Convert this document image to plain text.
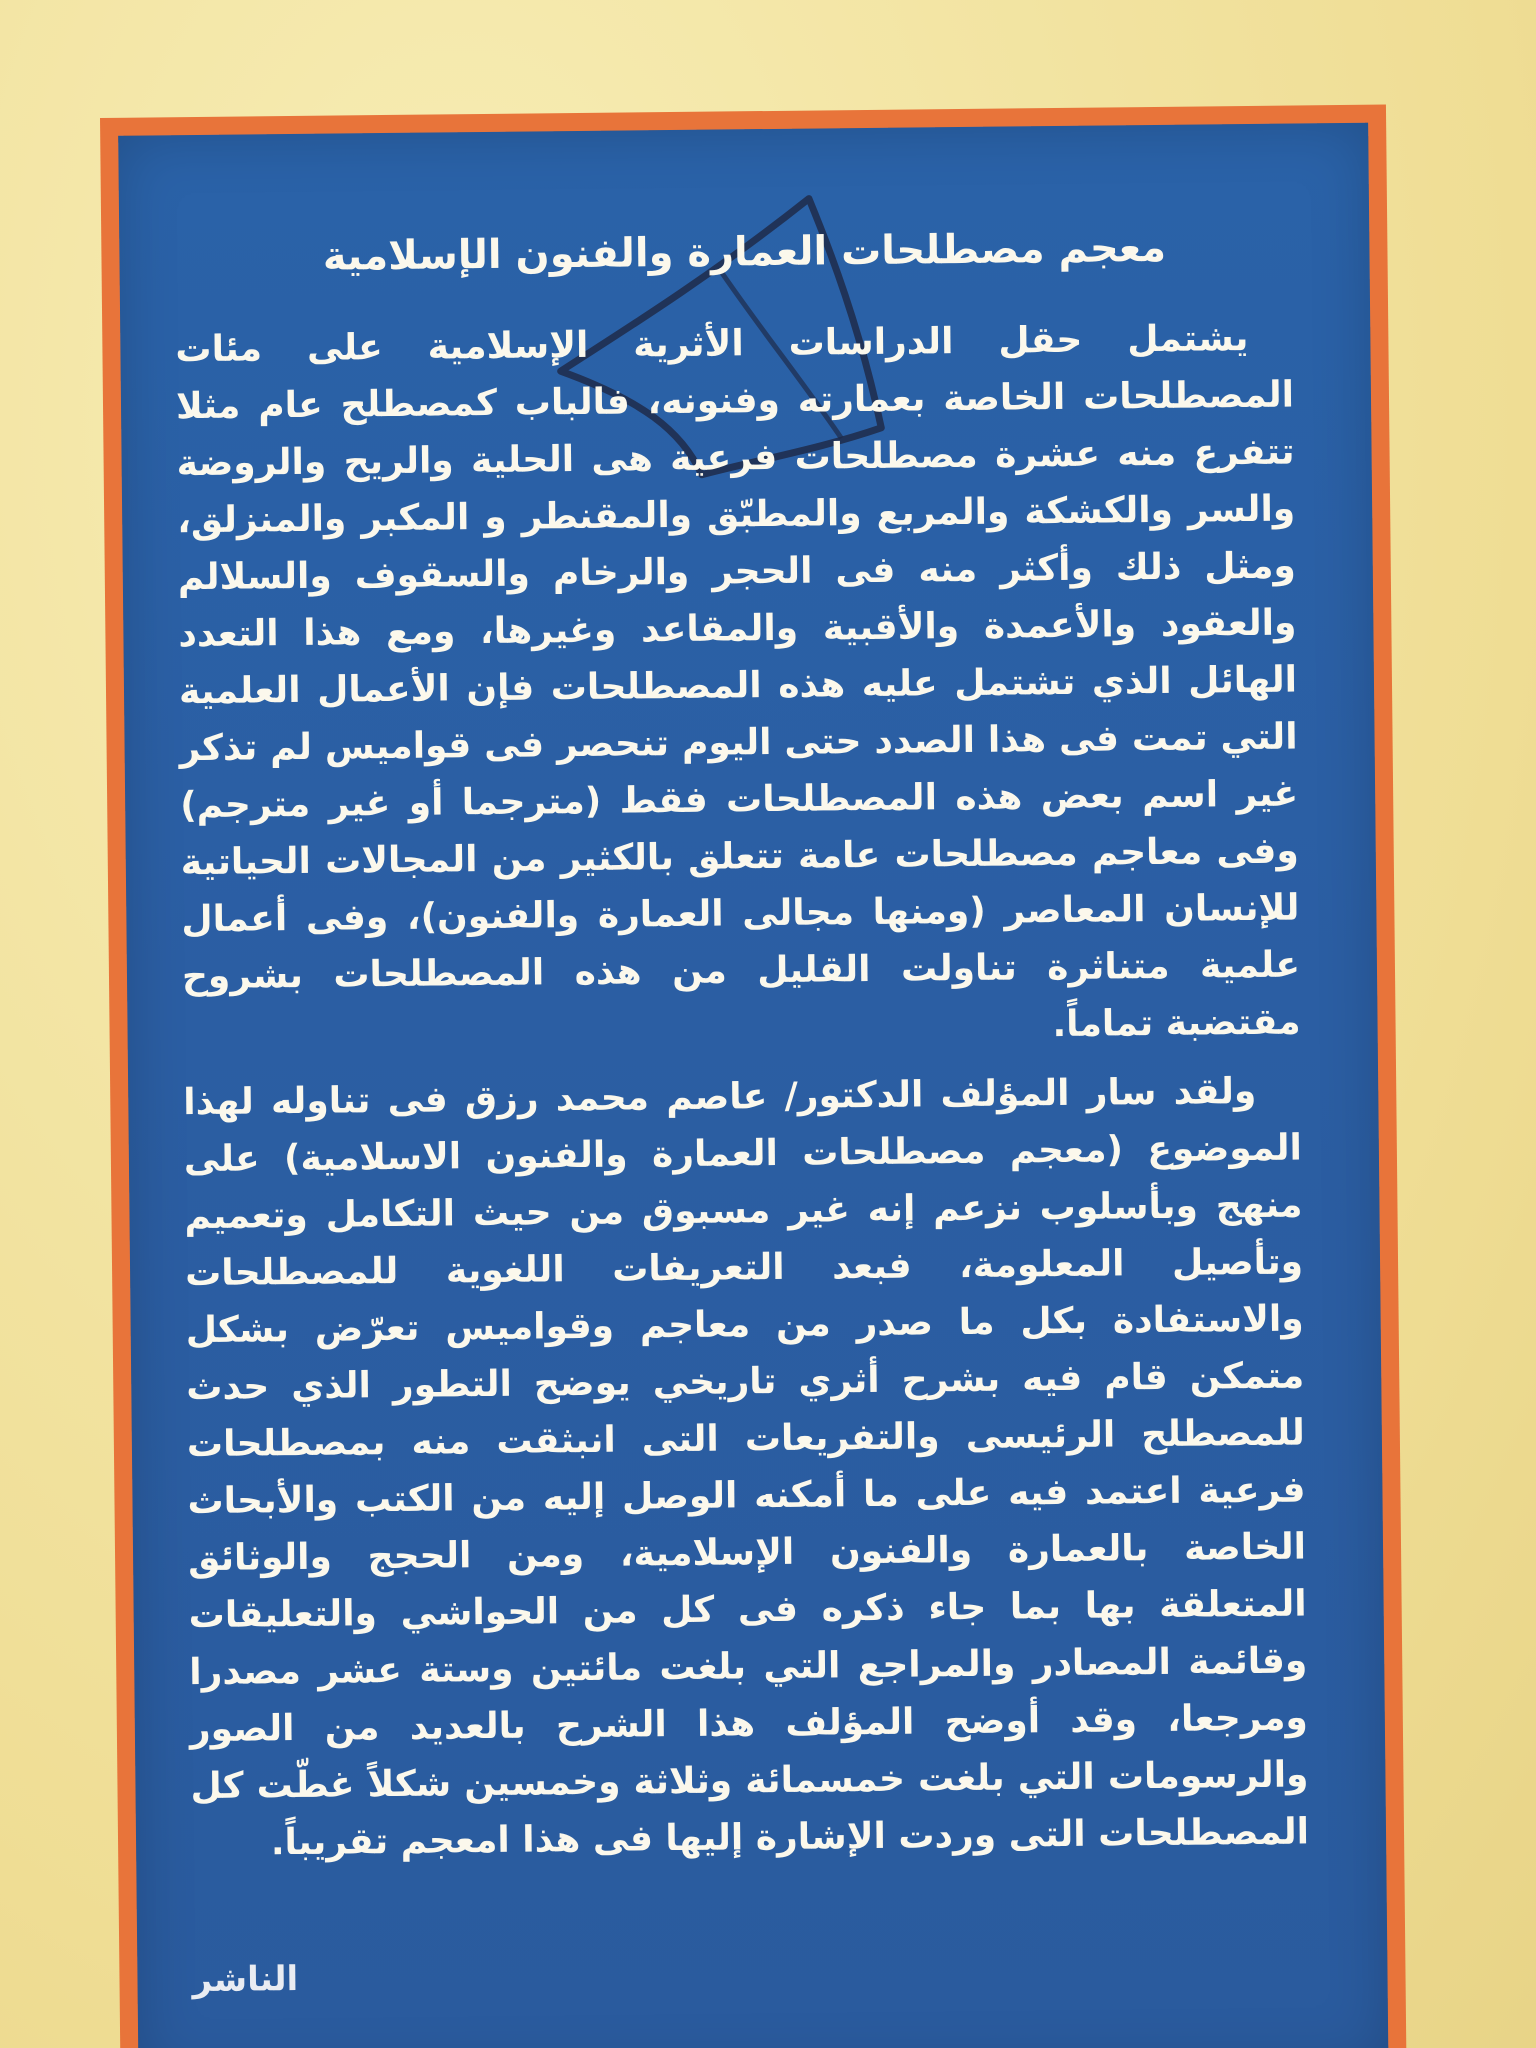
معجم مصطلحات العمارة والفنون الإسلامية

يشتمل حقل الدراسات الأثرية الإسلامية على مئات المصطلحات الخاصة بعمارته وفنونه، فالباب كمصطلح عام مثلا تتفرع منه عشرة مصطلحات فرعية هى الحلية والريح والروضة والسر والكشكة والمربع والمطبّق والمقنطر و المكبر والمنزلق، ومثل ذلك وأكثر منه فى الحجر والرخام والسقوف والسلالم والعقود والأعمدة والأقبية والمقاعد وغيرها، ومع هذا التعدد الهائل الذي تشتمل عليه هذه المصطلحات فإن الأعمال العلمية التي تمت فى هذا الصدد حتى اليوم تنحصر فى قواميس لم تذكر غير اسم بعض هذه المصطلحات فقط (مترجما أو غير مترجم) وفى معاجم مصطلحات عامة تتعلق بالكثير من المجالات الحياتية للإنسان المعاصر (ومنها مجالى العمارة والفنون)، وفى أعمال علمية متناثرة تناولت القليل من هذه المصطلحات بشروح مقتضبة تماماً.

ولقد سار المؤلف الدكتور/ عاصم محمد رزق فى تناوله لهذا الموضوع (معجم مصطلحات العمارة والفنون الاسلامية) على منهج وبأسلوب نزعم إنه غير مسبوق من حيث التكامل وتعميم وتأصيل المعلومة، فبعد التعريفات اللغوية للمصطلحات والاستفادة بكل ما صدر من معاجم وقواميس تعرّض بشكل متمكن قام فيه بشرح أثري تاريخي يوضح التطور الذي حدث للمصطلح الرئيسى والتفريعات التى انبثقت منه بمصطلحات فرعية اعتمد فيه على ما أمكنه الوصل إليه من الكتب والأبحاث الخاصة بالعمارة والفنون الإسلامية، ومن الحجج والوثائق المتعلقة بها بما جاء ذكره فى كل من الحواشي والتعليقات وقائمة المصادر والمراجع التي بلغت مائتين وستة عشر مصدرا ومرجعا، وقد أوضح المؤلف هذا الشرح بالعديد من الصور والرسومات التي بلغت خمسمائة وثلاثة وخمسين شكلاً غطّت كل المصطلحات التى وردت الإشارة إليها فى هذا امعجم تقريباً.

الناشر
